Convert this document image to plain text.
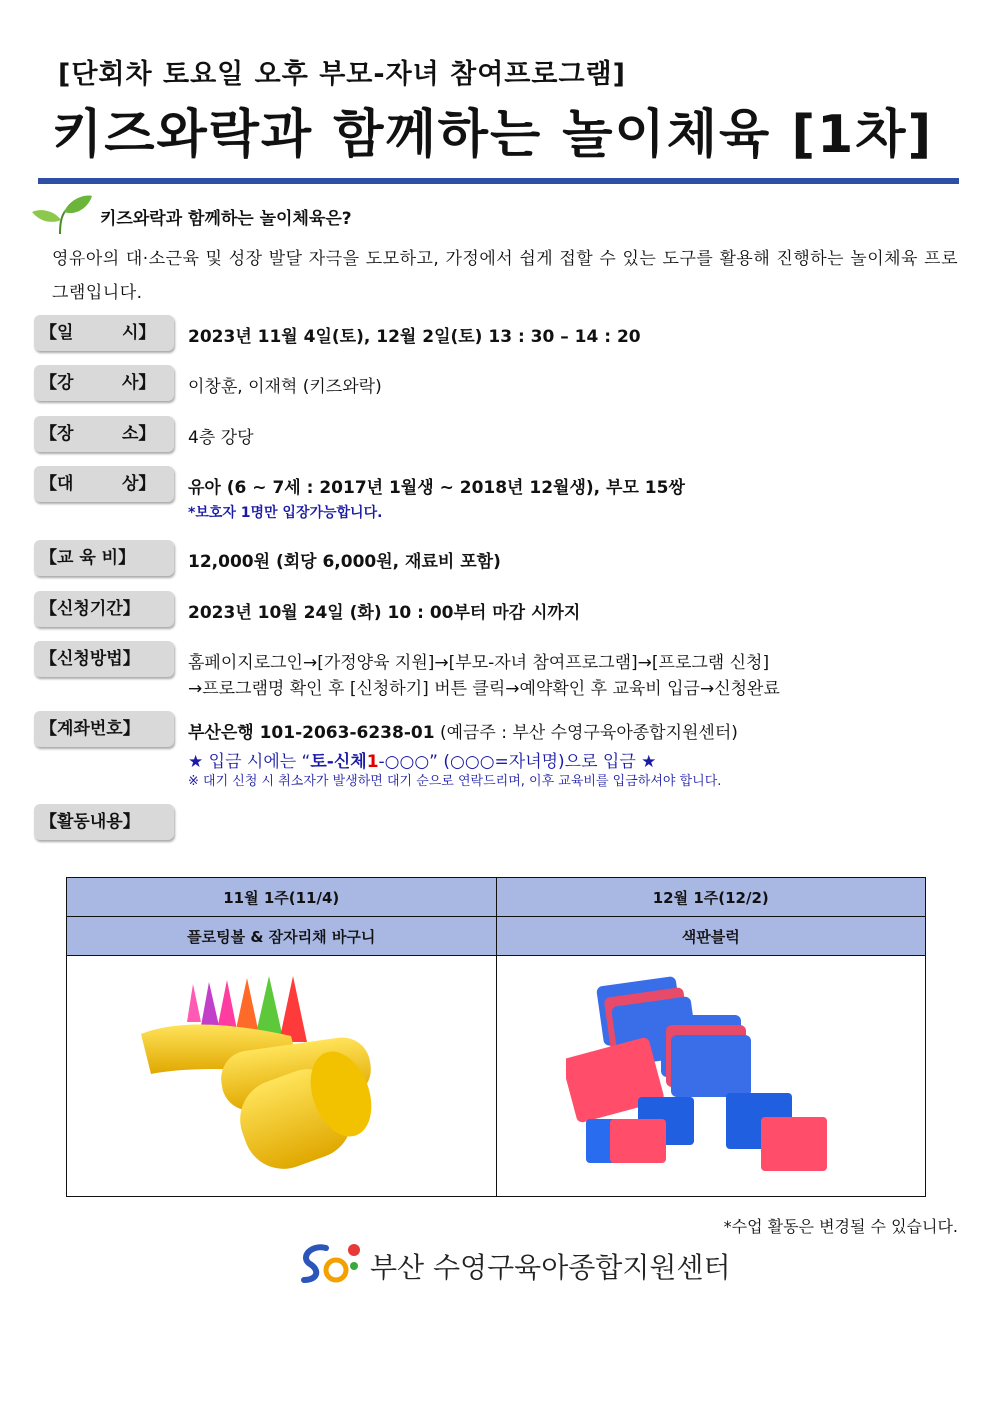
[단회차 토요일 오후 부모-자녀 참여프로그램]
키즈와락과 함께하는 놀이체육 [1차]
키즈와락과 함께하는 놀이체육은?
영유아의 대·소근육 및 성장 발달 자극을 도모하고, 가정에서 쉽게 접할 수 있는 도구를 활용해 진행하는 놀이체육 프로그램입니다.
【일	시】 2023년 11월 4일(토), 12월 2일(토) 13 : 30 – 14 : 20
【강	사】 이창훈, 이재혁 (키즈와락)
【장	소】 4층 강당
【대	상】 유아 (6 ~ 7세 : 2017년 1월생 ~ 2018년 12월생), 부모 15쌍
*보호자 1명만 입장가능합니다.
【교 육 비】	12,000원 (회당 6,000원, 재료비 포함)
【신청기간】	2023년 10월 24일 (화) 10 : 00부터 마감 시까지
【신청방법】	홈페이지로그인→[가정양육 지원]→[부모-자녀 참여프로그램]→[프로그램 신청]
→프로그램명 확인 후 [신청하기] 버튼 클릭→예약확인 후 교육비 입금→신청완료
【계좌번호】	부산은행 101-2063-6238-01 (예금주 : 부산 수영구육아종합지원센터)
★ 입금 시에는 “토-신체1-○○○” (○○○=자녀명)으로 입금 ★
※ 대기 신청 시 취소자가 발생하면 대기 순으로 연락드리며, 이후 교육비를 입금하셔야 합니다.
【활동내용】
11월 1주(11/4)	12월 1주(12/2)
플로팅볼 & 잠자리채 바구니	색판블럭

*수업 활동은 변경될 수 있습니다.
부산 수영구육아종합지원센터
